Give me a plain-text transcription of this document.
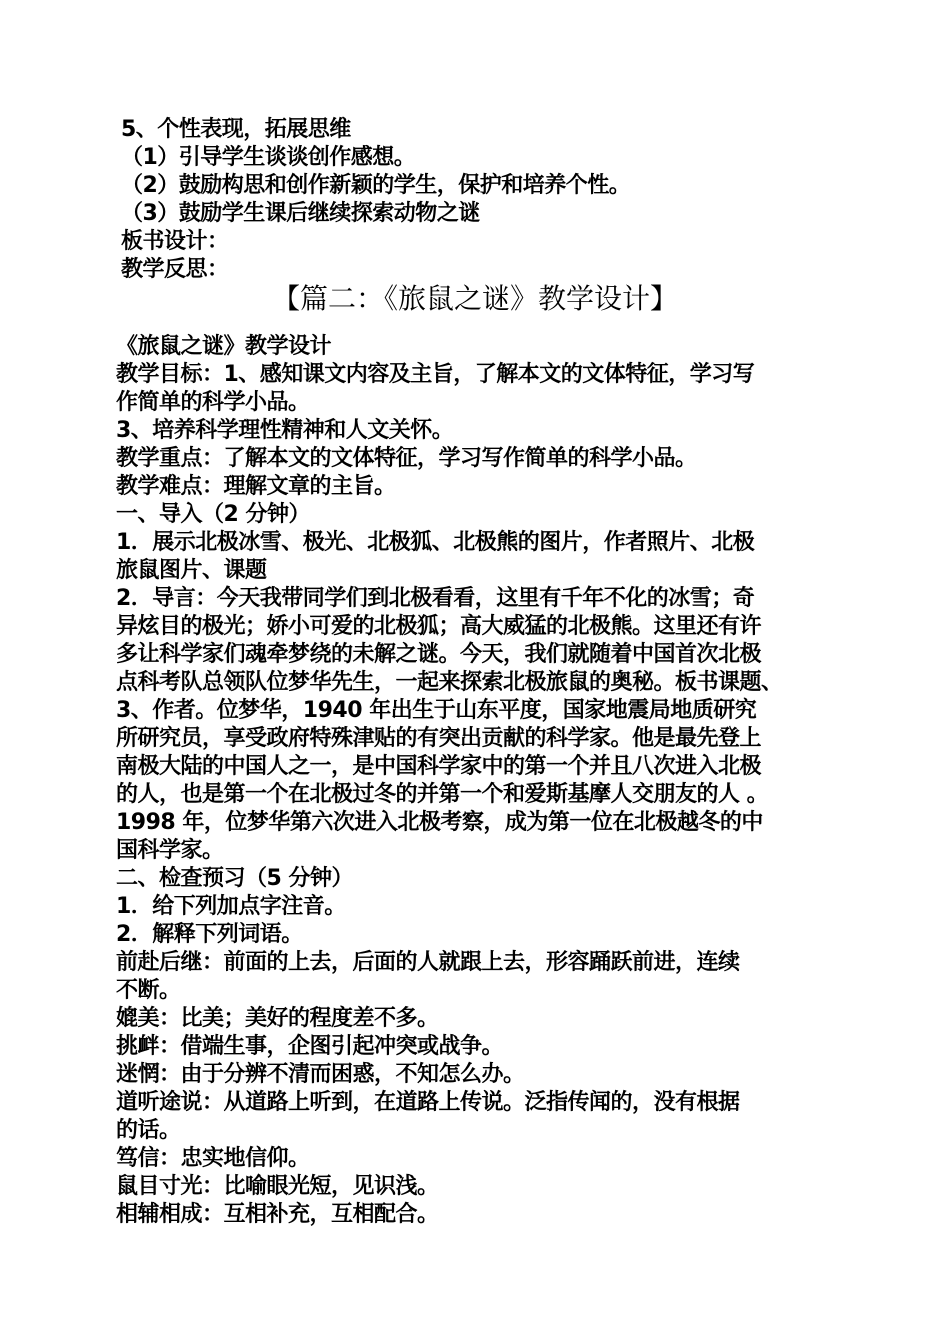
5、个性表现，拓展思维
（1）引导学生谈谈创作感想。
（2）鼓励构思和创作新颖的学生，保护和培养个性。
（3）鼓励学生课后继续探索动物之谜
板书设计：
教学反思：
【篇二：《旅鼠之谜》教学设计】
《旅鼠之谜》教学设计
教学目标：1、感知课文内容及主旨，了解本文的文体特征，学习写
作简单的科学小品。
3、培养科学理性精神和人文关怀。
教学重点：了解本文的文体特征，学习写作简单的科学小品。
教学难点：理解文章的主旨。
一、导入（2 分钟）
1．展示北极冰雪、极光、北极狐、北极熊的图片，作者照片、北极
旅鼠图片、课题
2．导言：今天我带同学们到北极看看，这里有千年不化的冰雪；奇
异炫目的极光；娇小可爱的北极狐；高大威猛的北极熊。这里还有许
多让科学家们魂牵梦绕的未解之谜。今天，我们就随着中国首次北极
点科考队总领队位梦华先生，一起来探索北极旅鼠的奥秘。板书课题、
3、作者。位梦华，1940 年出生于山东平度，国家地震局地质研究
所研究员，享受政府特殊津贴的有突出贡献的科学家。他是最先登上
南极大陆的中国人之一，是中国科学家中的第一个并且八次进入北极
的人，也是第一个在北极过冬的并第一个和爱斯基摩人交朋友的人 。
1998 年，位梦华第六次进入北极考察，成为第一位在北极越冬的中
国科学家。
二、检查预习（5 分钟）
1．给下列加点字注音。
2．解释下列词语。
前赴后继：前面的上去，后面的人就跟上去，形容踊跃前进，连续
不断。
媲美：比美；美好的程度差不多。
挑衅：借端生事，企图引起冲突或战争。
迷惘：由于分辨不清而困惑，不知怎么办。
道听途说：从道路上听到，在道路上传说。泛指传闻的，没有根据
的话。
笃信：忠实地信仰。
鼠目寸光：比喻眼光短，见识浅。
相辅相成：互相补充，互相配合。
